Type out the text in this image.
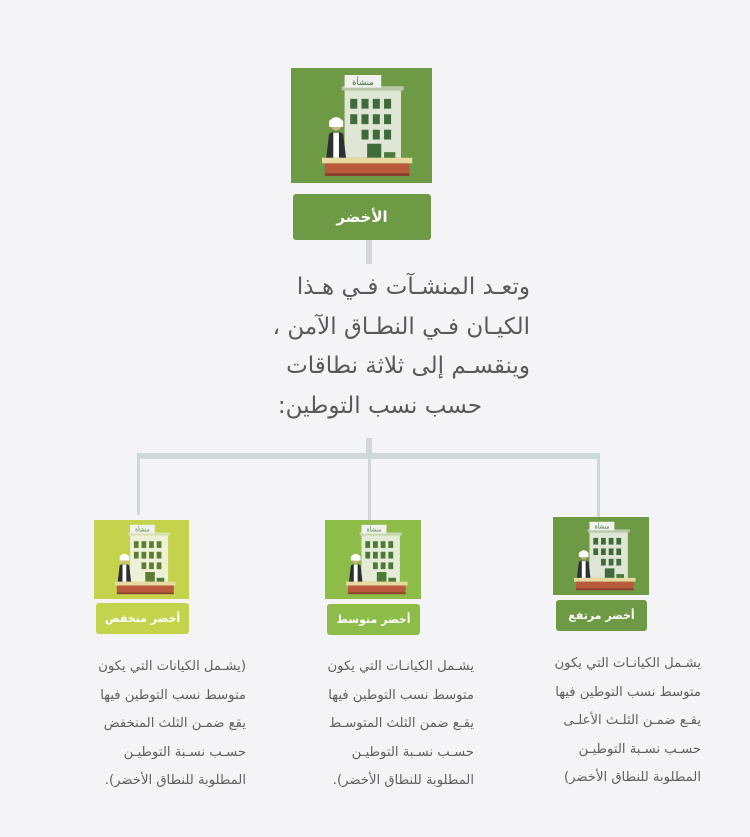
منشأة
الأخضر
وتعـد المنشـآت فـي هـذا
الكيـان فـي النطـاق الآمن ،
وينقسـم إلى ثلاثة نطاقات
حسب نسب التوطين:
منشأة
أخضر مرتفع
يشـمل الكيانـات التي يكون
متوسط نسب التوطين فيها
يقـع ضمـن الثلـث الأعلـى
حسـب نسـبة التوطيـن
المطلوبة للنطاق الأخضر)
منشأة
أخضر متوسط
يشـمل الكيانـات التي يكون
متوسط نسب التوطين فيها
يقـع ضمن الثلث المتوسـط
حسـب نسـبة التوطيـن
المطلوبة للنطاق الأخضر).
منشأة
أخضر منخفض
(يشـمل الكيانات التي يكون
متوسط نسب التوطين فيها
يقع ضمـن الثلث المنخفض
حسـب نسـبة التوطيـن
المطلوبة للنطاق الأخضر).
